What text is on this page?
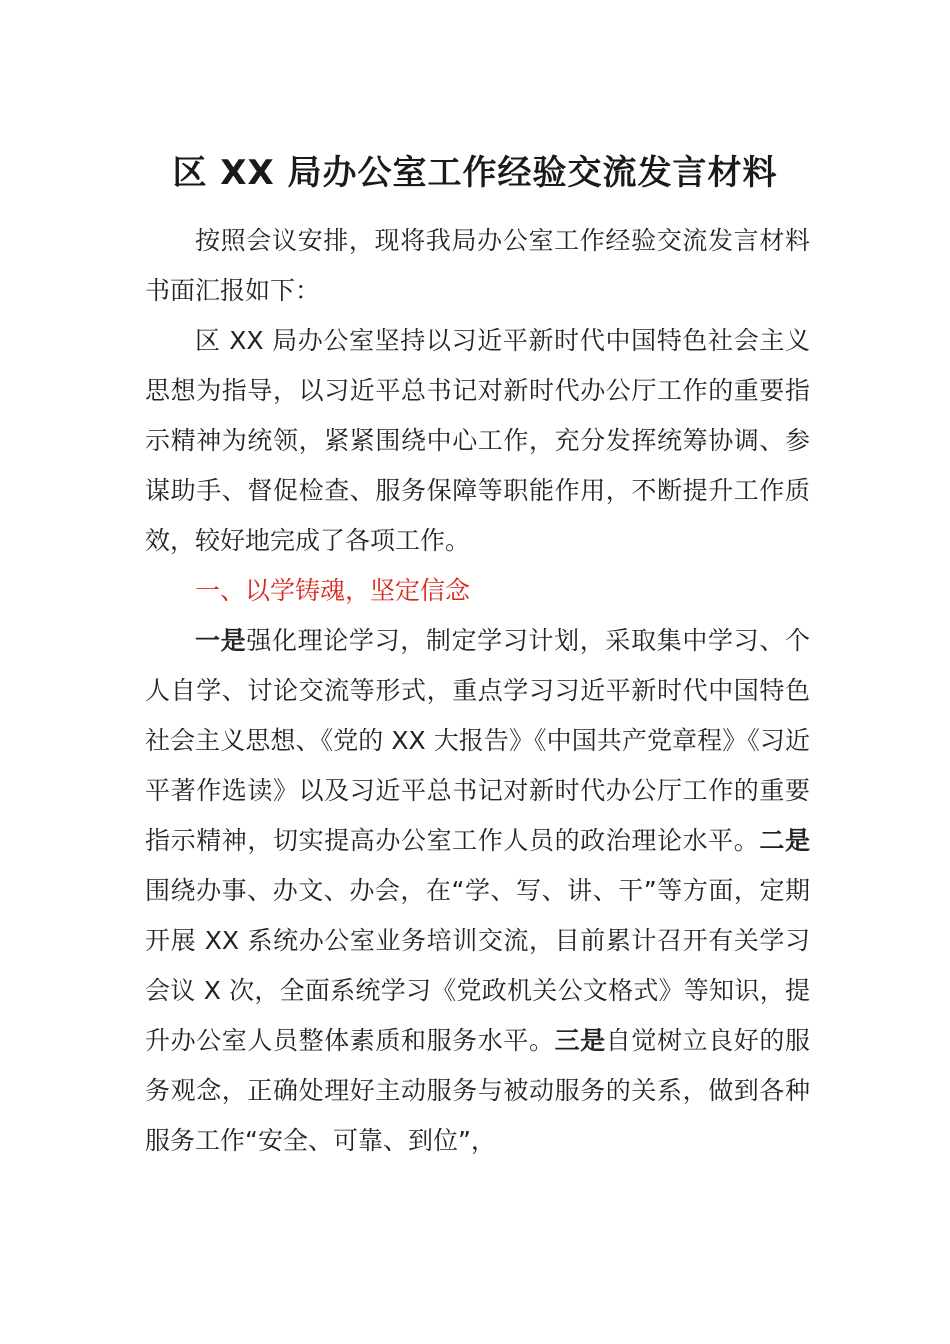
区 XX 局办公室工作经验交流发言材料

按照会议安排，现将我局办公室工作经验交流发言材料书面汇报如下：

区 XX 局办公室坚持以习近平新时代中国特色社会主义思想为指导，以习近平总书记对新时代办公厅工作的重要指示精神为统领，紧紧围绕中心工作，充分发挥统筹协调、参谋助手、督促检查、服务保障等职能作用，不断提升工作质效，较好地完成了各项工作。

一、以学铸魂，坚定信念

一是强化理论学习，制定学习计划，采取集中学习、个人自学、讨论交流等形式，重点学习习近平新时代中国特色社会主义思想、《党的 XX 大报告》《中国共产党章程》《习近平著作选读》以及习近平总书记对新时代办公厅工作的重要指示精神，切实提高办公室工作人员的政治理论水平。二是围绕办事、办文、办会，在“学、写、讲、干”等方面，定期开展 XX 系统办公室业务培训交流，目前累计召开有关学习会议 X 次，全面系统学习《党政机关公文格式》等知识，提升办公室人员整体素质和服务水平。三是自觉树立良好的服务观念，正确处理好主动服务与被动服务的关系，做到各种服务工作“安全、可靠、到位”，
